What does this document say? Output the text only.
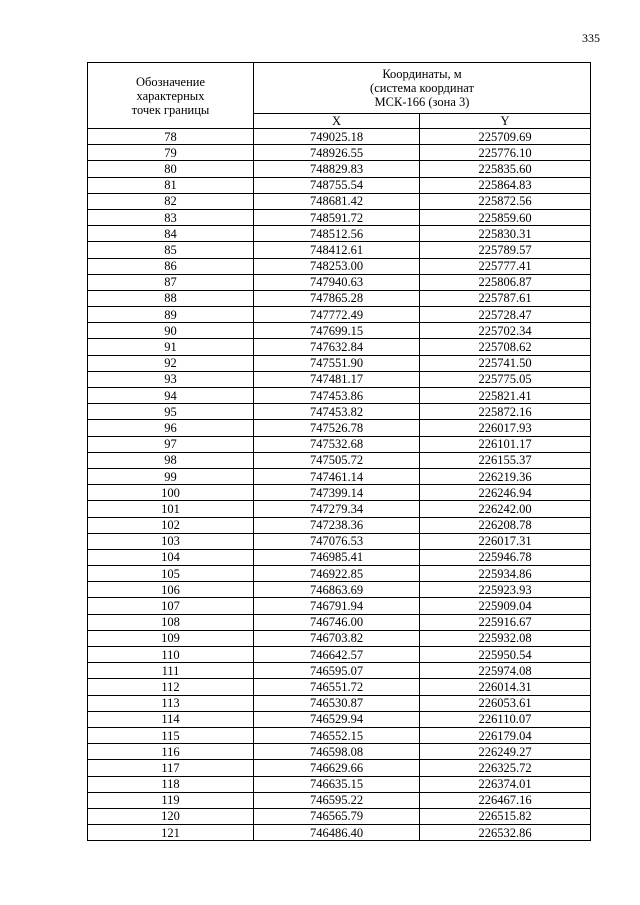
335
Обозначение
характерных
точек границы	Координаты, м
(система координат
МСК-166 (зона 3)	

	X	Y
78	749025.18	225709.69
79	748926.55	225776.10
80	748829.83	225835.60
81	748755.54	225864.83
82	748681.42	225872.56
83	748591.72	225859.60
84	748512.56	225830.31
85	748412.61	225789.57
86	748253.00	225777.41
87	747940.63	225806.87
88	747865.28	225787.61
89	747772.49	225728.47
90	747699.15	225702.34
91	747632.84	225708.62
92	747551.90	225741.50
93	747481.17	225775.05
94	747453.86	225821.41
95	747453.82	225872.16
96	747526.78	226017.93
97	747532.68	226101.17
98	747505.72	226155.37
99	747461.14	226219.36
100	747399.14	226246.94
101	747279.34	226242.00
102	747238.36	226208.78
103	747076.53	226017.31
104	746985.41	225946.78
105	746922.85	225934.86
106	746863.69	225923.93
107	746791.94	225909.04
108	746746.00	225916.67
109	746703.82	225932.08
110	746642.57	225950.54
111	746595.07	225974.08
112	746551.72	226014.31
113	746530.87	226053.61
114	746529.94	226110.07
115	746552.15	226179.04
116	746598.08	226249.27
117	746629.66	226325.72
118	746635.15	226374.01
119	746595.22	226467.16
120	746565.79	226515.82
121	746486.40	226532.86
